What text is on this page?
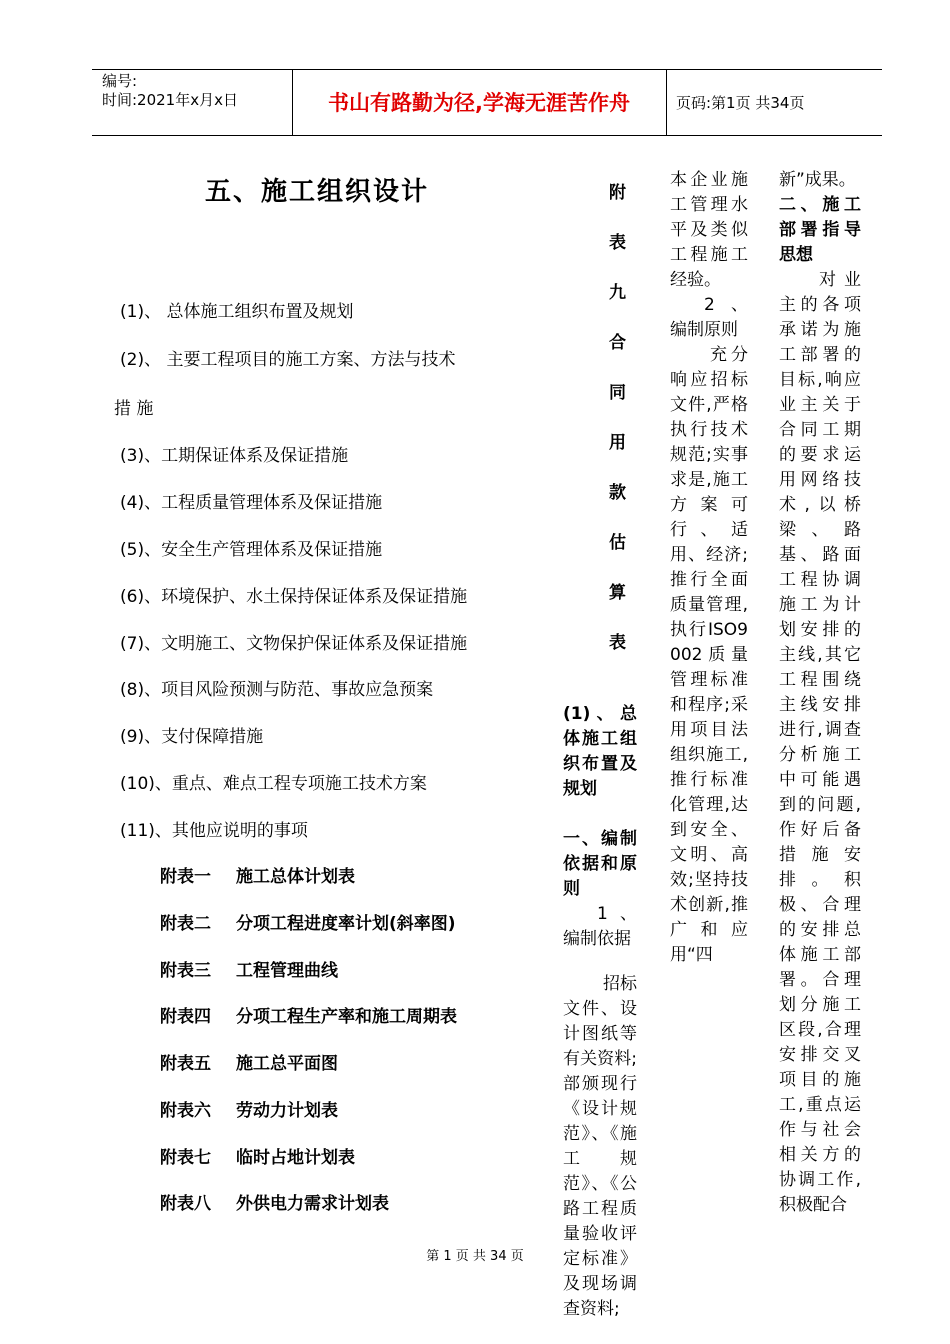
编号:
时间:2021年x月x日	书山有路勤为径,学海无涯苦作舟	页码:第1页 共34页
五、施工组织设计
(1)、 总体施工组织布置及规划
(2)、 主要工程项目的施工方案、方法与技术
措 施
(3)、工期保证体系及保证措施
(4)、工程质量管理体系及保证措施
(5)、安全生产管理体系及保证措施
(6)、环境保护、水土保持保证体系及保证措施
(7)、文明施工、文物保护保证体系及保证措施
(8)、项目风险预测与防范、事故应急预案
(9)、支付保障措施
(10)、重点、难点工程专项施工技术方案
(11)、其他应说明的事项
附表一 施工总体计划表
附表二 分项工程进度率计划(斜率图)
附表三 工程管理曲线
附表四 分项工程生产率和施工周期表
附表五 施工总平面图
附表六 劳动力计划表
附表七 临时占地计划表
附表八 外供电力需求计划表
附表九合同用款估算表
(1)、总体施工组织布置及规划
一、编制依据和原则
1、编制依据
招标文件、设计图纸等有关资料;部颁现行《设计规范》、《施工规范》、《公路工程质量验收评定标准》及现场调查资料;
本企业施工管理水平及类似工程施工经验。
2、编制原则
充分响应招标文件,严格执行技术规范;实事求是,施工方案可行、适用、经济;推行全面质量管理,执行ISO9002质量管理标准和程序;采用项目法组织施工,推行标准化管理,达到安全、文明、高效;坚持技术创新,推广和应用“四
新”成果。
二、施工部署指导思想
对业主的各项承诺为施工部署的目标,响应业主关于合同工期的要求运用网络技术,以桥梁、路基、路面工程协调施工为计划安排的主线,其它工程围绕主线安排进行,调查分析施工中可能遇到的问题,作好后备措施安排。积极、合理的安排总体施工部署。合理划分施工区段,合理安排交叉项目的施工,重点运作与社会相关方的协调工作,积极配合
第 1 页 共 34 页
